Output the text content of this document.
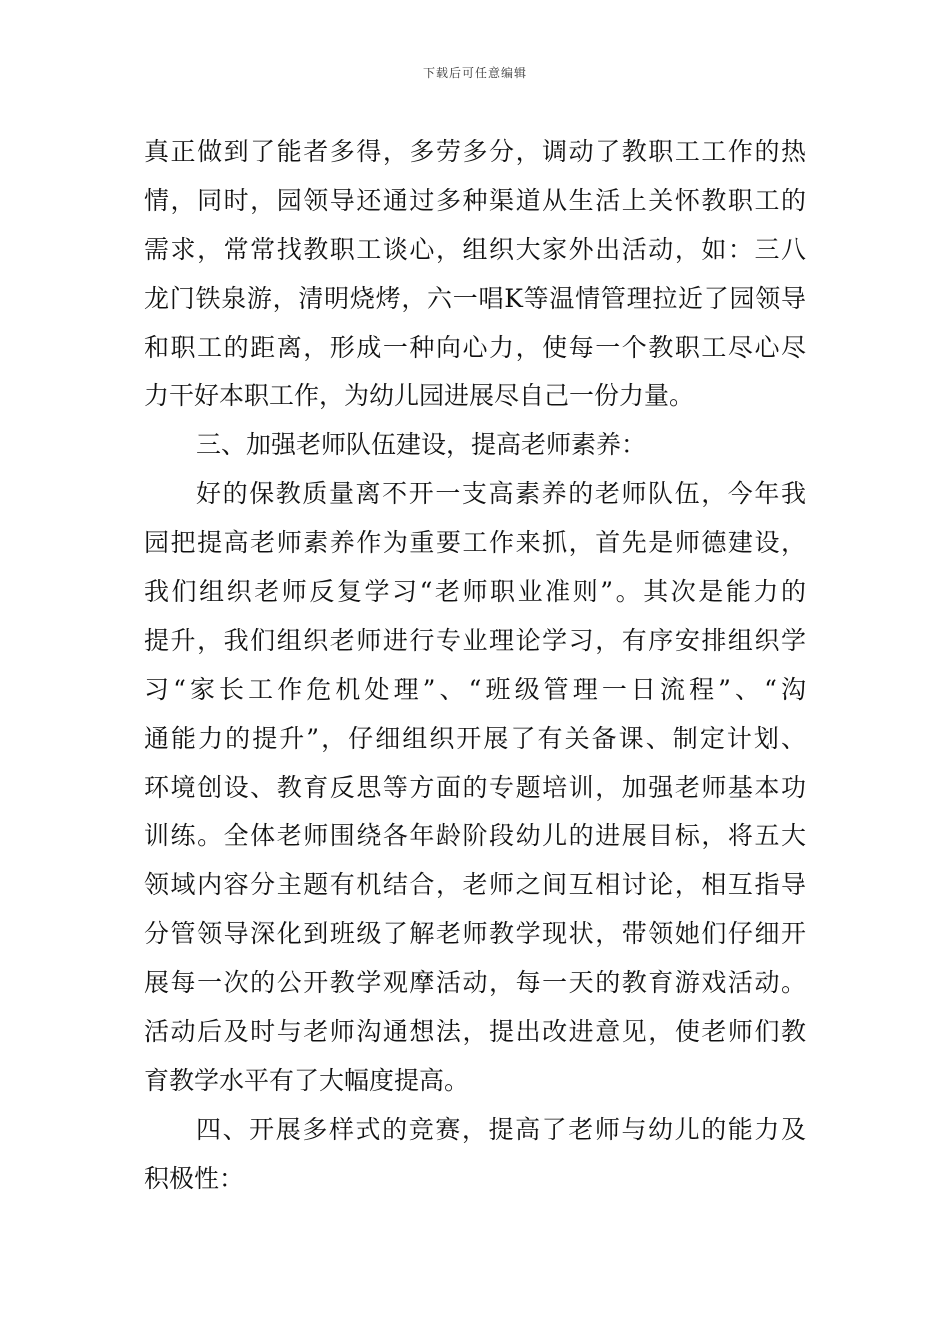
下载后可任意编辑
真正做到了能者多得，多劳多分，调动了教职工工作的热
情，同时，园领导还通过多种渠道从生活上关怀教职工的
需求，常常找教职工谈心，组织大家外出活动，如：三八
龙门铁泉游，清明烧烤，六一唱K等温情管理拉近了园领导
和职工的距离，形成一种向心力，使每一个教职工尽心尽
力干好本职工作，为幼儿园进展尽自己一份力量。
三、加强老师队伍建设，提高老师素养：
好的保教质量离不开一支高素养的老师队伍，今年我
园把提高老师素养作为重要工作来抓，首先是师德建设，
我们组织老师反复学习“老师职业准则”。其次是能力的
提升，我们组织老师进行专业理论学习，有序安排组织学
习“家长工作危机处理”、“班级管理一日流程”、“沟
通能力的提升”，仔细组织开展了有关备课、制定计划、
环境创设、教育反思等方面的专题培训，加强老师基本功
训练。全体老师围绕各年龄阶段幼儿的进展目标，将五大
领域内容分主题有机结合，老师之间互相讨论，相互指导
分管领导深化到班级了解老师教学现状，带领她们仔细开
展每一次的公开教学观摩活动，每一天的教育游戏活动。
活动后及时与老师沟通想法，提出改进意见，使老师们教
育教学水平有了大幅度提高。
四、开展多样式的竞赛，提高了老师与幼儿的能力及
积极性：
